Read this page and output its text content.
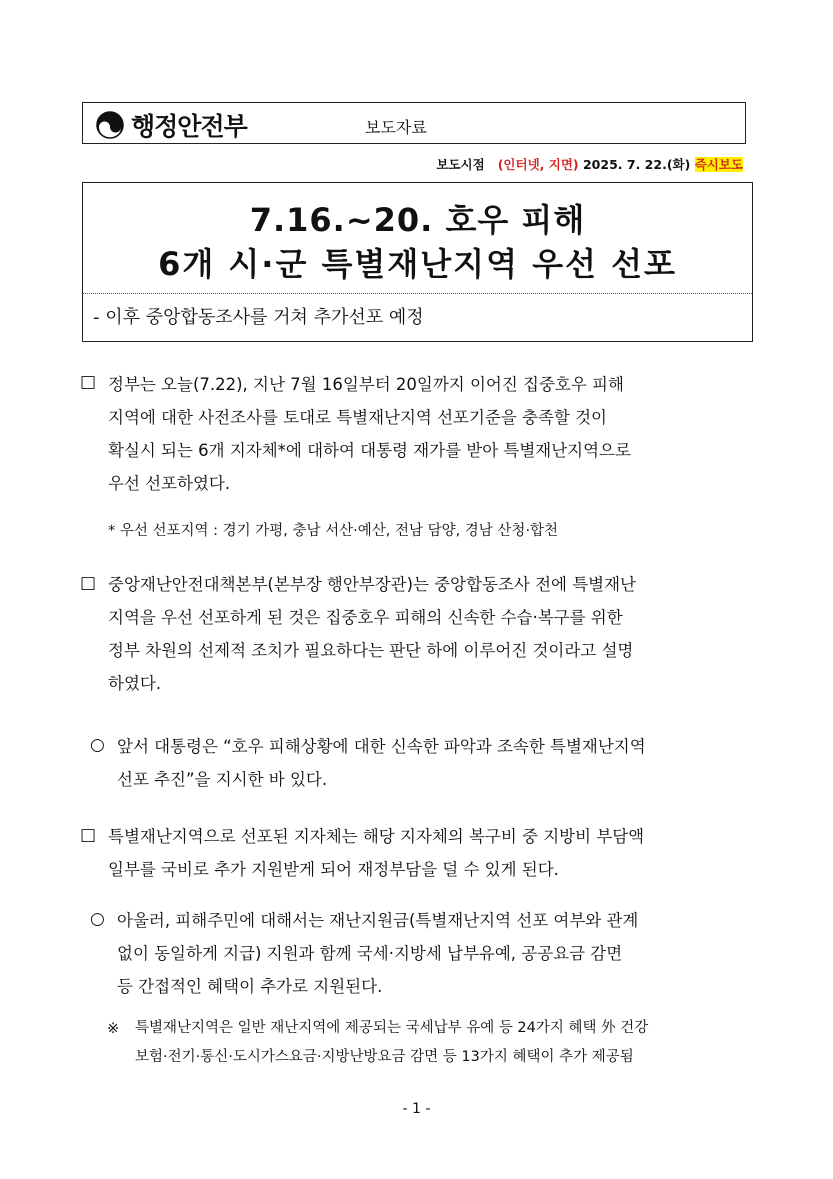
행정안전부	보도자료
보도시점 (인터넷, 지면) 2025. 7. 22.(화) 즉시보도
7.16.~20. 호우 피해
6개 시·군 특별재난지역 우선 선포
- 이후 중앙합동조사를 거쳐 추가선포 예정
□ 정부는 오늘(7.22), 지난 7월 16일부터 20일까지 이어진 집중호우 피해
지역에 대한 사전조사를 토대로 특별재난지역 선포기준을 충족할 것이
확실시 되는 6개 지자체*에 대하여 대통령 재가를 받아 특별재난지역으로
우선 선포하였다.
* 우선 선포지역 : 경기 가평, 충남 서산·예산, 전남 담양, 경남 산청·합천
□ 중앙재난안전대책본부(본부장 행안부장관)는 중앙합동조사 전에 특별재난
지역을 우선 선포하게 된 것은 집중호우 피해의 신속한 수습·복구를 위한
정부 차원의 선제적 조치가 필요하다는 판단 하에 이루어진 것이라고 설명
하였다.
○ 앞서 대통령은 “호우 피해상황에 대한 신속한 파악과 조속한 특별재난지역
선포 추진”을 지시한 바 있다.
□ 특별재난지역으로 선포된 지자체는 해당 지자체의 복구비 중 지방비 부담액
일부를 국비로 추가 지원받게 되어 재정부담을 덜 수 있게 된다.
○ 아울러, 피해주민에 대해서는 재난지원금(특별재난지역 선포 여부와 관계
없이 동일하게 지급) 지원과 함께 국세·지방세 납부유예, 공공요금 감면
등 간접적인 혜택이 추가로 지원된다.
※ 특별재난지역은 일반 재난지역에 제공되는 국세납부 유예 등 24가지 혜택 外 건강
보험·전기·통신·도시가스요금·지방난방요금 감면 등 13가지 혜택이 추가 제공됨
- 1 -
